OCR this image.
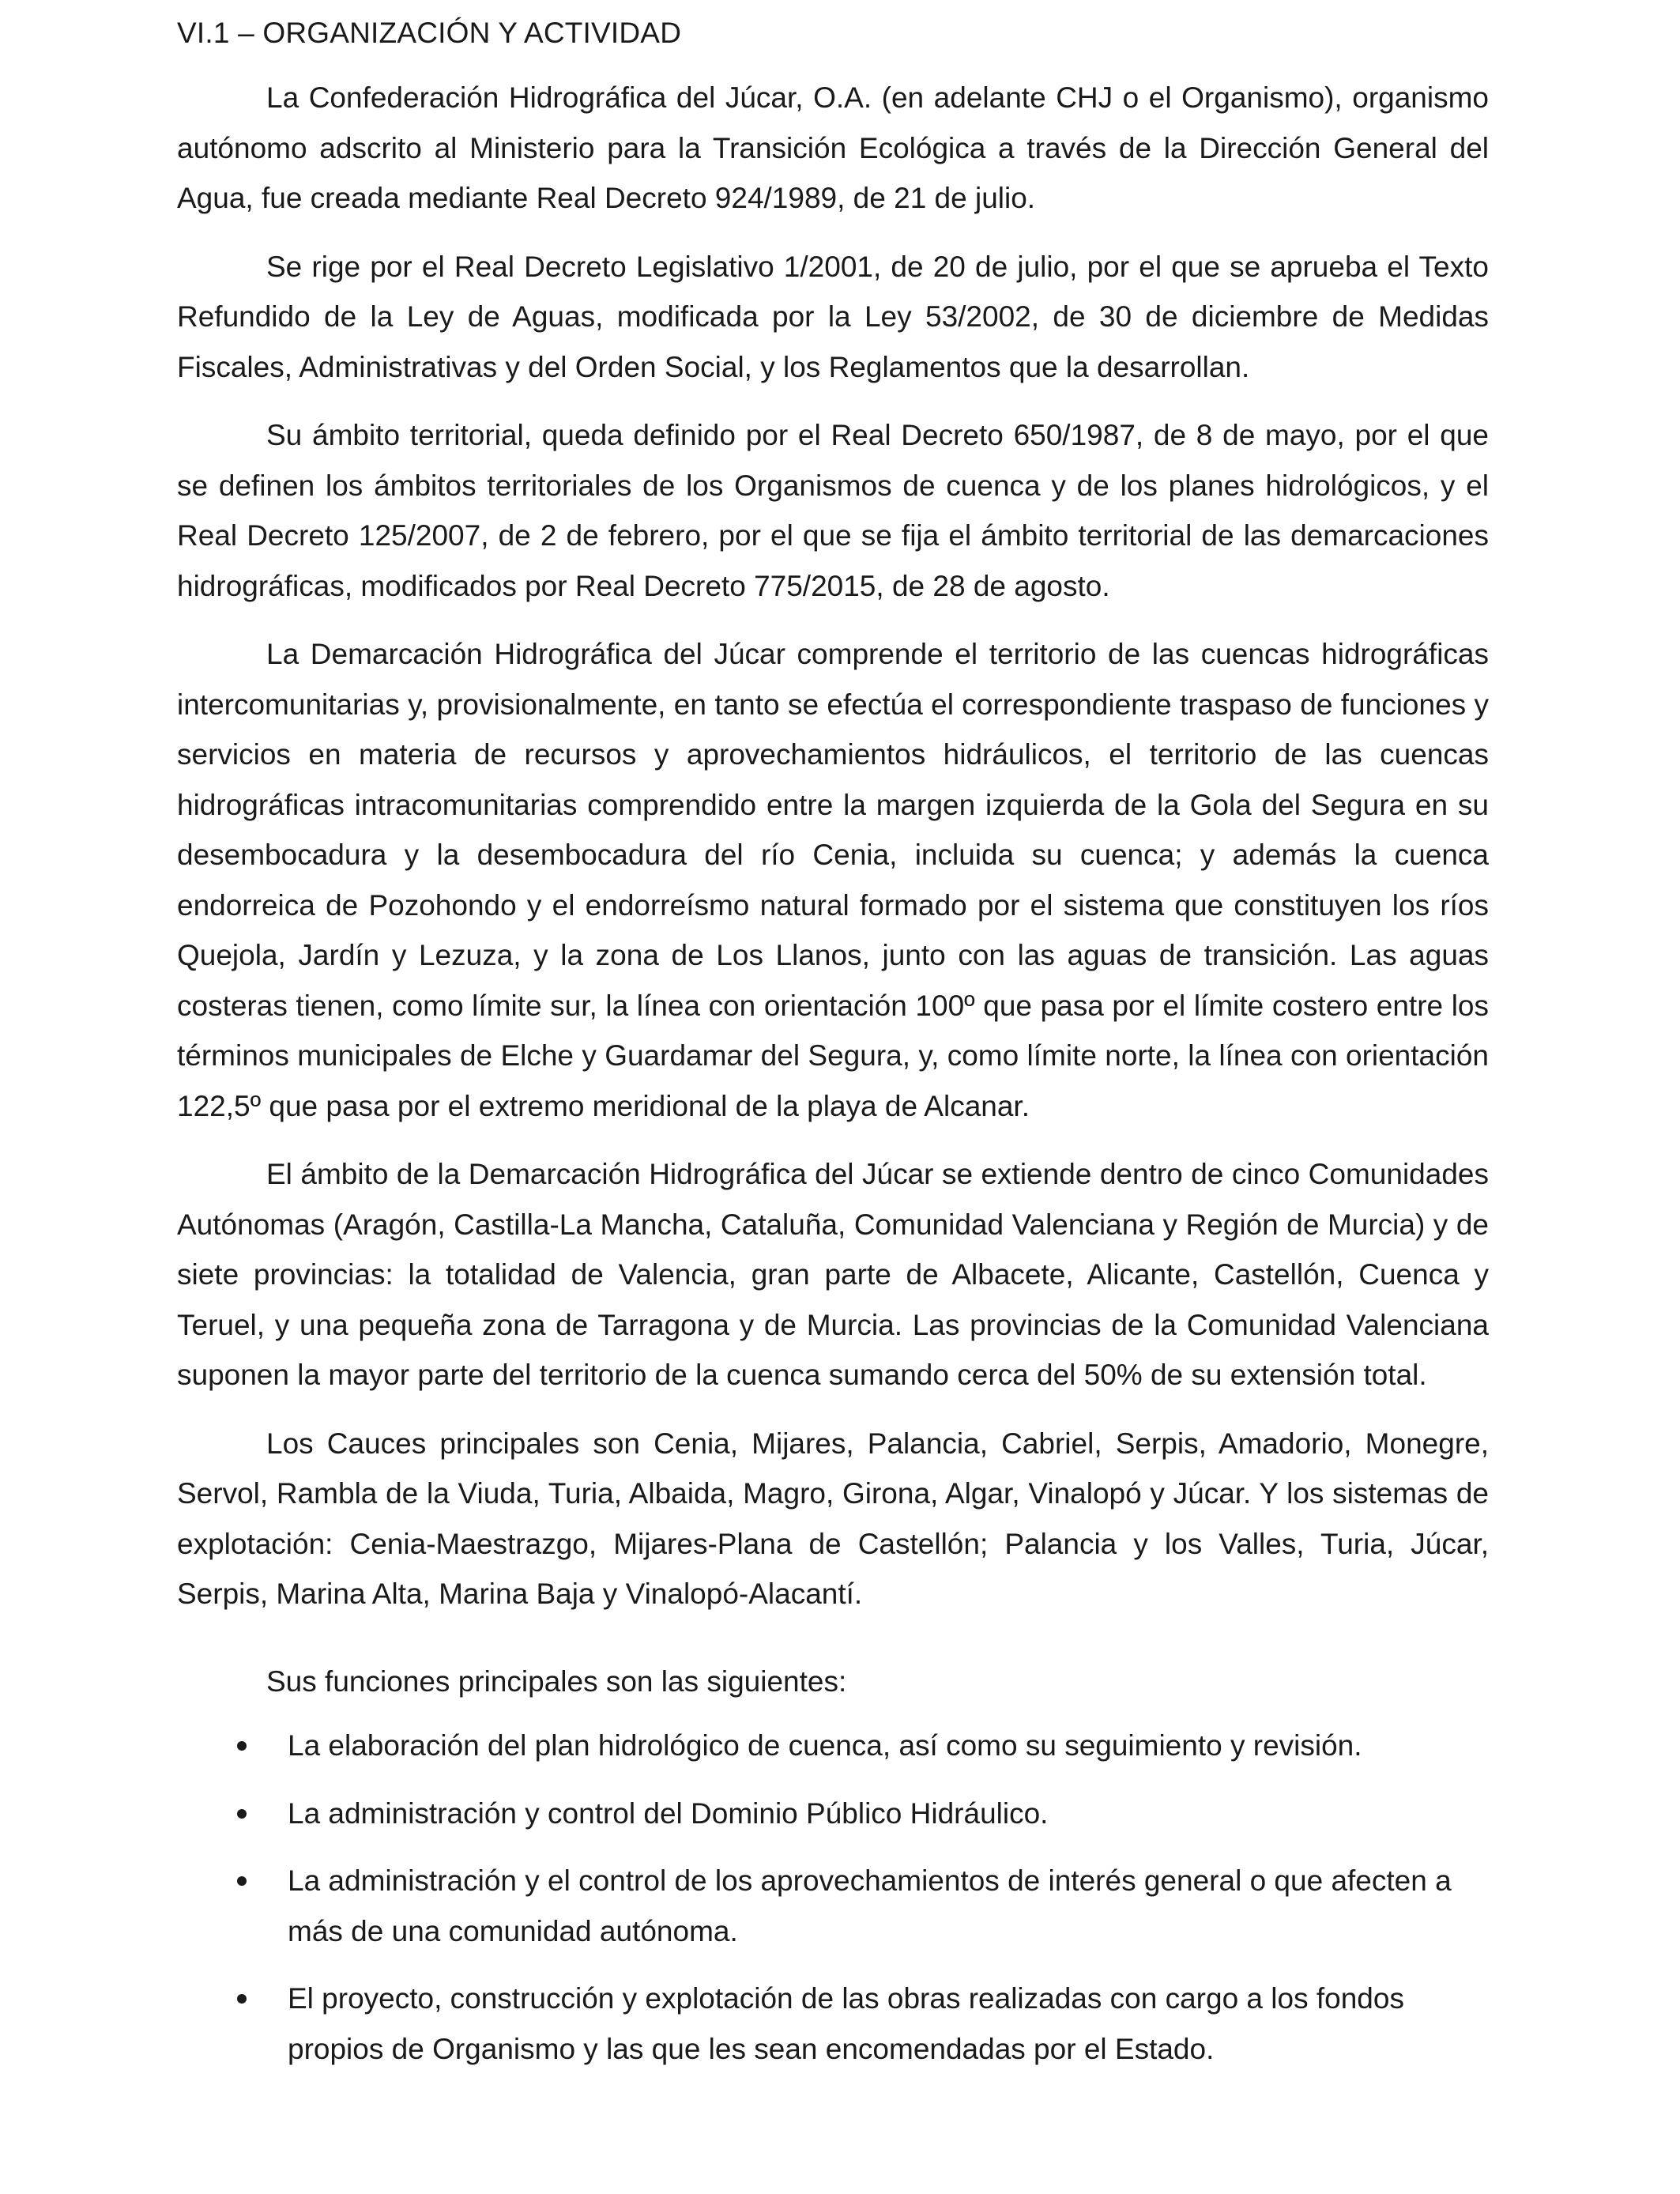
VI.1 – ORGANIZACIÓN Y ACTIVIDAD

La Confederación Hidrográfica del Júcar, O.A. (en adelante CHJ o el Organismo), organismo autónomo adscrito al Ministerio para la Transición Ecológica a través de la Dirección General del Agua, fue creada mediante Real Decreto 924/1989, de 21 de julio.

Se rige por el Real Decreto Legislativo 1/2001, de 20 de julio, por el que se aprueba el Texto Refundido de la Ley de Aguas, modificada por la Ley 53/2002, de 30 de diciembre de Medidas Fiscales, Administrativas y del Orden Social, y los Reglamentos que la desarrollan.

Su ámbito territorial, queda definido por el Real Decreto 650/1987, de 8 de mayo, por el que se definen los ámbitos territoriales de los Organismos de cuenca y de los planes hidrológicos, y el Real Decreto 125/2007, de 2 de febrero, por el que se fija el ámbito territorial de las demarcaciones hidrográficas, modificados por Real Decreto 775/2015, de 28 de agosto.

La Demarcación Hidrográfica del Júcar comprende el territorio de las cuencas hidrográficas intercomunitarias y, provisionalmente, en tanto se efectúa el correspondiente traspaso de funciones y servicios en materia de recursos y aprovechamientos hidráulicos, el territorio de las cuencas hidrográficas intracomunitarias comprendido entre la margen izquierda de la Gola del Segura en su desembocadura y la desembocadura del río Cenia, incluida su cuenca; y además la cuenca endorreica de Pozohondo y el endorreísmo natural formado por el sistema que constituyen los ríos Quejola, Jardín y Lezuza, y la zona de Los Llanos, junto con las aguas de transición. Las aguas costeras tienen, como límite sur, la línea con orientación 100º que pasa por el límite costero entre los términos municipales de Elche y Guardamar del Segura, y, como límite norte, la línea con orientación 122,5º que pasa por el extremo meridional de la playa de Alcanar.

El ámbito de la Demarcación Hidrográfica del Júcar se extiende dentro de cinco Comunidades Autónomas (Aragón, Castilla-La Mancha, Cataluña, Comunidad Valenciana y Región de Murcia) y de siete provincias: la totalidad de Valencia, gran parte de Albacete, Alicante, Castellón, Cuenca y Teruel, y una pequeña zona de Tarragona y de Murcia. Las provincias de la Comunidad Valenciana suponen la mayor parte del territorio de la cuenca sumando cerca del 50% de su extensión total.

Los Cauces principales son Cenia, Mijares, Palancia, Cabriel, Serpis, Amadorio, Monegre, Servol, Rambla de la Viuda, Turia, Albaida, Magro, Girona, Algar, Vinalopó y Júcar. Y los sistemas de explotación: Cenia-Maestrazgo, Mijares-Plana de Castellón; Palancia y los Valles, Turia, Júcar, Serpis, Marina Alta, Marina Baja y Vinalopó-Alacantí.

Sus funciones principales son las siguientes:

La elaboración del plan hidrológico de cuenca, así como su seguimiento y revisión.
La administración y control del Dominio Público Hidráulico.
La administración y el control de los aprovechamientos de interés general o que afecten a más de una comunidad autónoma.
El proyecto, construcción y explotación de las obras realizadas con cargo a los fondos propios de Organismo y las que les sean encomendadas por el Estado.
